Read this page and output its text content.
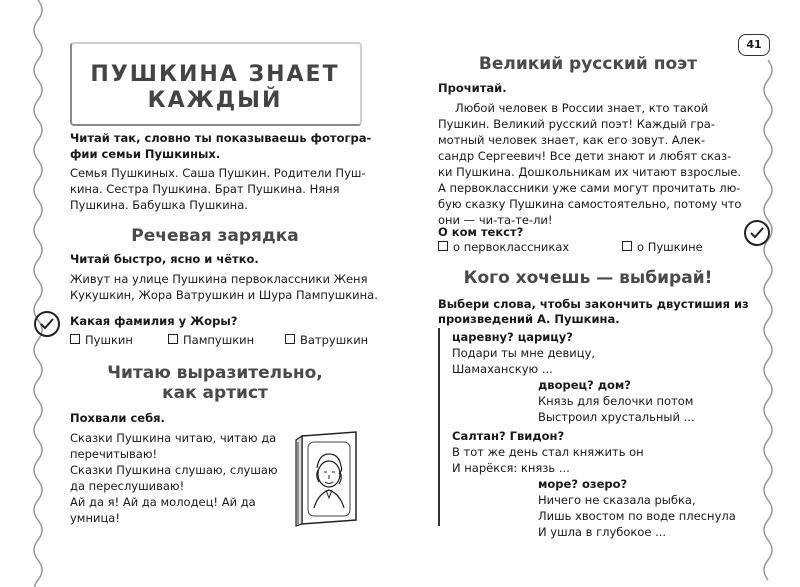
41
ПУШКИНА ЗНАЕТ
КАЖДЫЙ
Читай так, словно ты показываешь фотогра-
фии семьи Пушкиных.
Семья Пушкиных. Саша Пушкин. Родители Пуш-
кина. Сестра Пушкина. Брат Пушкина. Няня
Пушкина. Бабушка Пушкина.
Речевая зарядка
Читай быстро, ясно и чётко.
Живут на улице Пушкина первоклассники Женя
Кукушкин, Жора Ватрушкин и Шура Пампушкина.
Какая фамилия у Жоры?
Пушкин	Пампушкин	Ватрушкин
Читаю выразительно,
как артист
Похвали себя.
Сказки Пушкина читаю, читаю да
перечитываю!
Сказки Пушкина слушаю, слушаю
да переслушиваю!
Ай да я! Ай да молодец! Ай да
умница!
Великий русский поэт
Прочитай.
Любой человек в России знает, кто такой
Пушкин. Великий русский поэт! Каждый гра-
мотный человек знает, как его зовут. Алек-
сандр Сергеевич! Все дети знают и любят сказ-
ки Пушкина. Дошкольникам их читают взрослые.
А первоклассники уже сами могут прочитать лю-
бую сказку Пушкина самостоятельно, потому что
они — чи-та-те-ли!
О ком текст?
о первоклассниках	о Пушкине
Кого хочешь — выбирай!
Выбери слова, чтобы закончить двустишия из
произведений А. Пушкина.
царевну? царицу?
Подари ты мне девицу,
Шамаханскую ...
дворец? дом?
Князь для белочки потом
Выстроил хрустальный ...
Салтан? Гвидон?
В тот же день стал княжить он
И нарёкся: князь ...
море? озеро?
Ничего не сказала рыбка,
Лишь хвостом по воде плеснула
И ушла в глубокое ...
